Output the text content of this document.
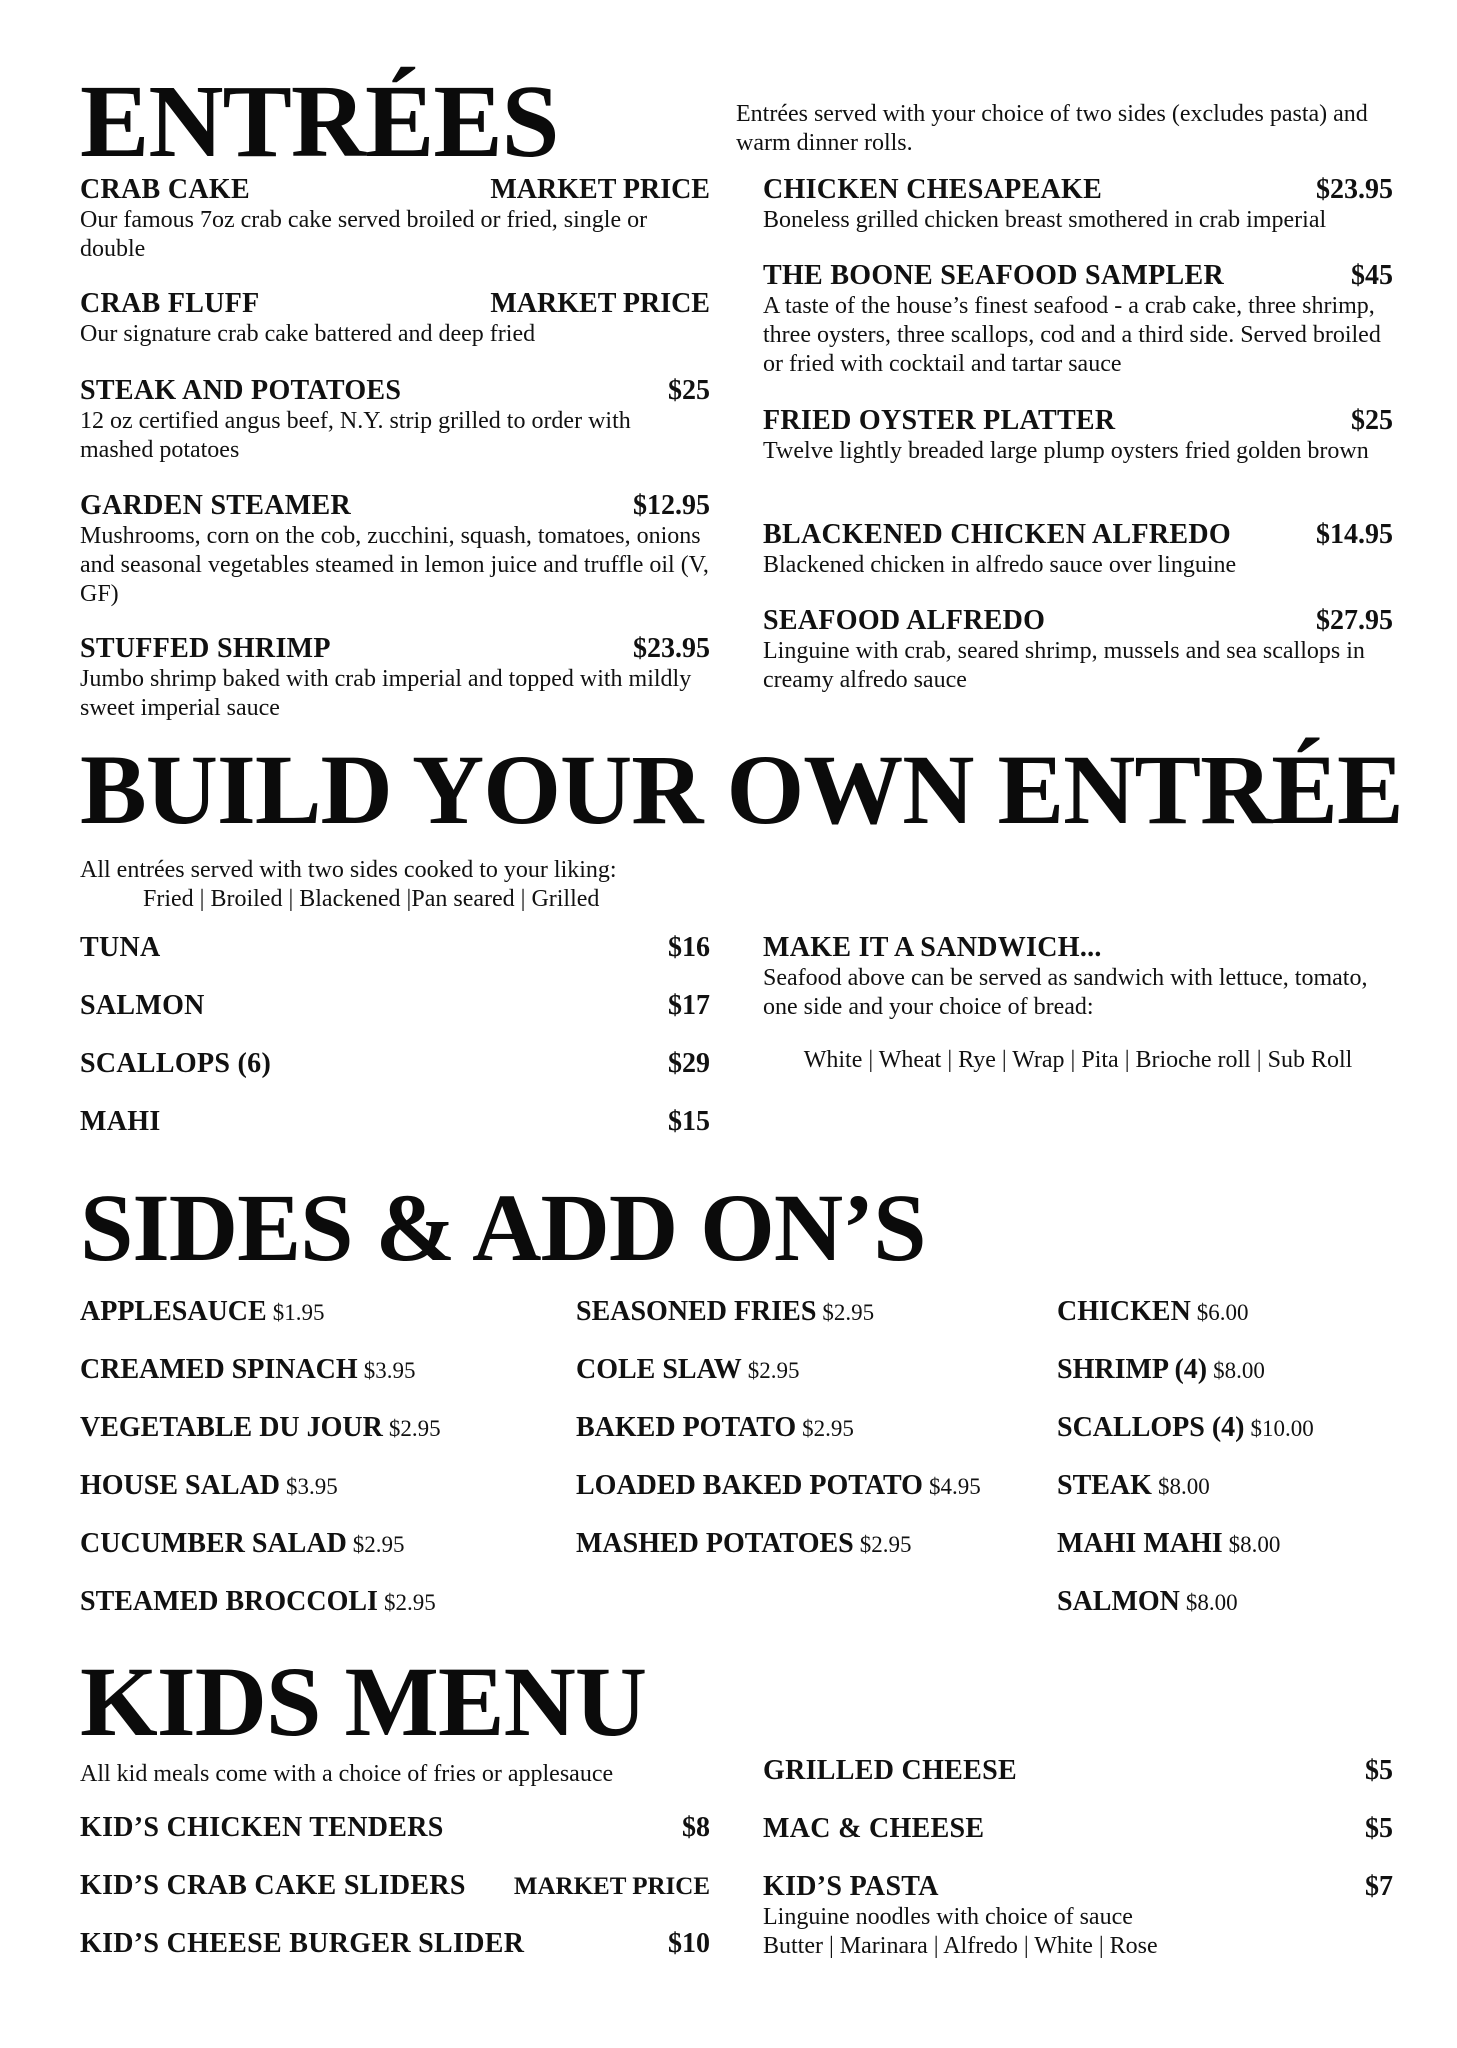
ENTRÉES	Entrées served with your choice of two sides (excludes pasta) and warm dinner rolls.
CRAB CAKE	MARKET PRICE
Our famous 7oz crab cake served broiled or fried, single or double
CRAB FLUFF	MARKET PRICE
Our signature crab cake battered and deep fried
STEAK AND POTATOES	$25
12 oz certified angus beef, N.Y. strip grilled to order with mashed potatoes
GARDEN STEAMER	$12.95
Mushrooms, corn on the cob, zucchini, squash, tomatoes, onions and seasonal vegetables steamed in lemon juice and truffle oil (V, GF)
STUFFED SHRIMP	$23.95
Jumbo shrimp baked with crab imperial and topped with mildly sweet imperial sauce
CHICKEN CHESAPEAKE	$23.95
Boneless grilled chicken breast smothered in crab imperial
THE BOONE SEAFOOD SAMPLER	$45
A taste of the house’s finest seafood - a crab cake, three shrimp, three oysters, three scallops, cod and a third side. Served broiled or fried with cocktail and tartar sauce
FRIED OYSTER PLATTER	$25
Twelve lightly breaded large plump oysters fried golden brown
BLACKENED CHICKEN ALFREDO	$14.95
Blackened chicken in alfredo sauce over linguine
SEAFOOD ALFREDO	$27.95
Linguine with crab, seared shrimp, mussels and sea scallops in creamy alfredo sauce
BUILD YOUR OWN ENTRÉE
All entrées served with two sides cooked to your liking:
Fried | Broiled | Blackened |Pan seared | Grilled
TUNA	$16
SALMON	$17
SCALLOPS (6)	$29
MAHI	$15
MAKE IT A SANDWICH...
Seafood above can be served as sandwich with lettuce, tomato, one side and your choice of bread:
White | Wheat | Rye | Wrap | Pita | Brioche roll | Sub Roll
SIDES & ADD ON’S
APPLESAUCE $1.95
CREAMED SPINACH $3.95
VEGETABLE DU JOUR $2.95
HOUSE SALAD $3.95
CUCUMBER SALAD $2.95
STEAMED BROCCOLI $2.95
SEASONED FRIES $2.95
COLE SLAW $2.95
BAKED POTATO $2.95
LOADED BAKED POTATO $4.95
MASHED POTATOES $2.95
CHICKEN $6.00
SHRIMP (4) $8.00
SCALLOPS (4) $10.00
STEAK $8.00
MAHI MAHI $8.00
SALMON $8.00
KIDS MENU
All kid meals come with a choice of fries or applesauce
KID’S CHICKEN TENDERS	$8
KID’S CRAB CAKE SLIDERS MARKET PRICE
KID’S CHEESE BURGER SLIDER	$10
GRILLED CHEESE	$5
MAC & CHEESE	$5
KID’S PASTA	$7
Linguine noodles with choice of sauce
Butter | Marinara | Alfredo | White | Rose
